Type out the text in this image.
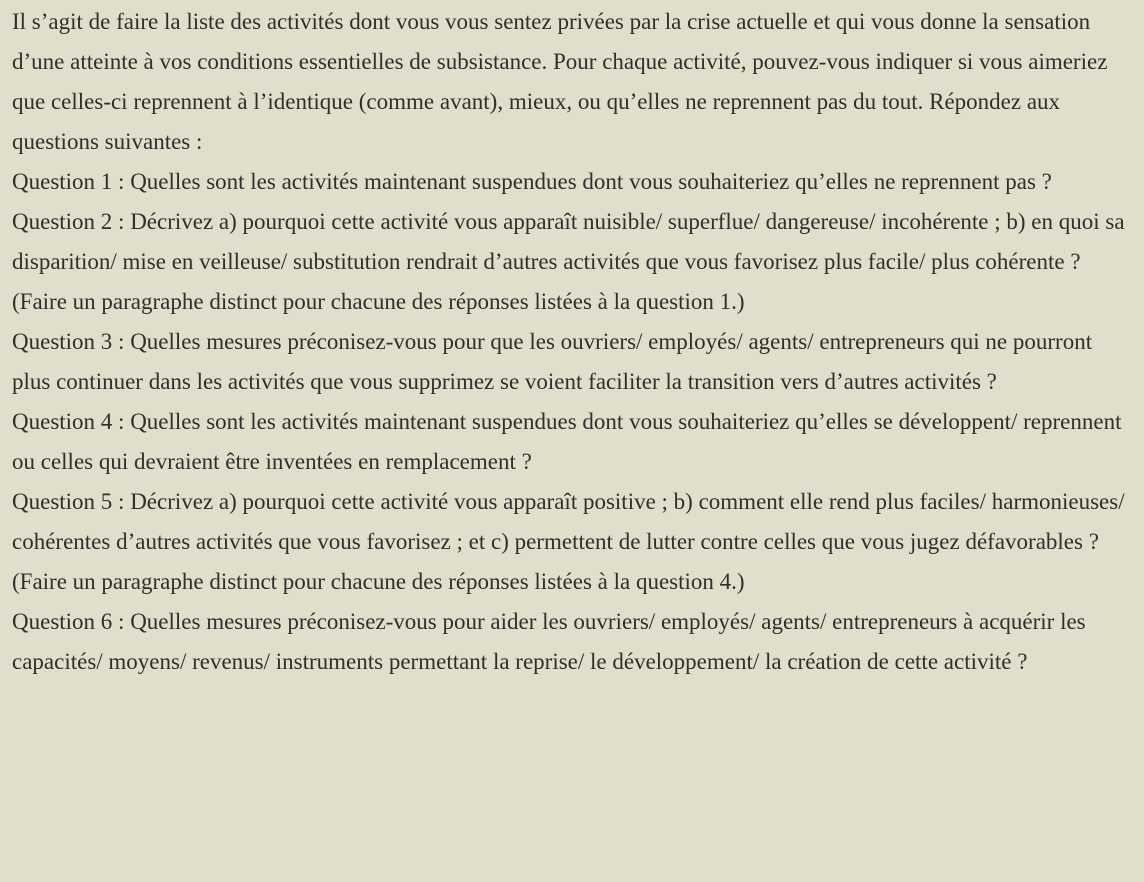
Il s’agit de faire la liste des activités dont vous vous sentez privées par la crise actuelle et qui vous donne la sensation d’une atteinte à vos conditions essentielles de subsistance. Pour chaque activité, pouvez-vous indiquer si vous aimeriez que celles-ci reprennent à l’identique (comme avant), mieux, ou qu’elles ne reprennent pas du tout. Répondez aux questions suivantes :

Question 1 : Quelles sont les activités maintenant suspendues dont vous souhaiteriez qu’elles ne reprennent pas ?

Question 2 : Décrivez a) pourquoi cette activité vous apparaît nuisible/ superflue/ dangereuse/ incohérente ; b) en quoi sa disparition/ mise en veilleuse/ substitution rendrait d’autres activités que vous favorisez plus facile/ plus cohérente ? (Faire un paragraphe distinct pour chacune des réponses listées à la question 1.)

Question 3 : Quelles mesures préconisez-vous pour que les ouvriers/ employés/ agents/ entrepreneurs qui ne pourront plus continuer dans les activités que vous supprimez se voient faciliter la transition vers d’autres activités ?

Question 4 : Quelles sont les activités maintenant suspendues dont vous souhaiteriez qu’elles se développent/ reprennent ou celles qui devraient être inventées en remplacement ?

Question 5 : Décrivez a) pourquoi cette activité vous apparaît positive ; b) comment elle rend plus faciles/ harmonieuses/ cohérentes d’autres activités que vous favorisez ; et c) permettent de lutter contre celles que vous jugez défavorables ? (Faire un paragraphe distinct pour chacune des réponses listées à la question 4.)

Question 6 : Quelles mesures préconisez-vous pour aider les ouvriers/ employés/ agents/ entrepreneurs à acquérir les capacités/ moyens/ revenus/ instruments permettant la reprise/ le développement/ la création de cette activité ?
